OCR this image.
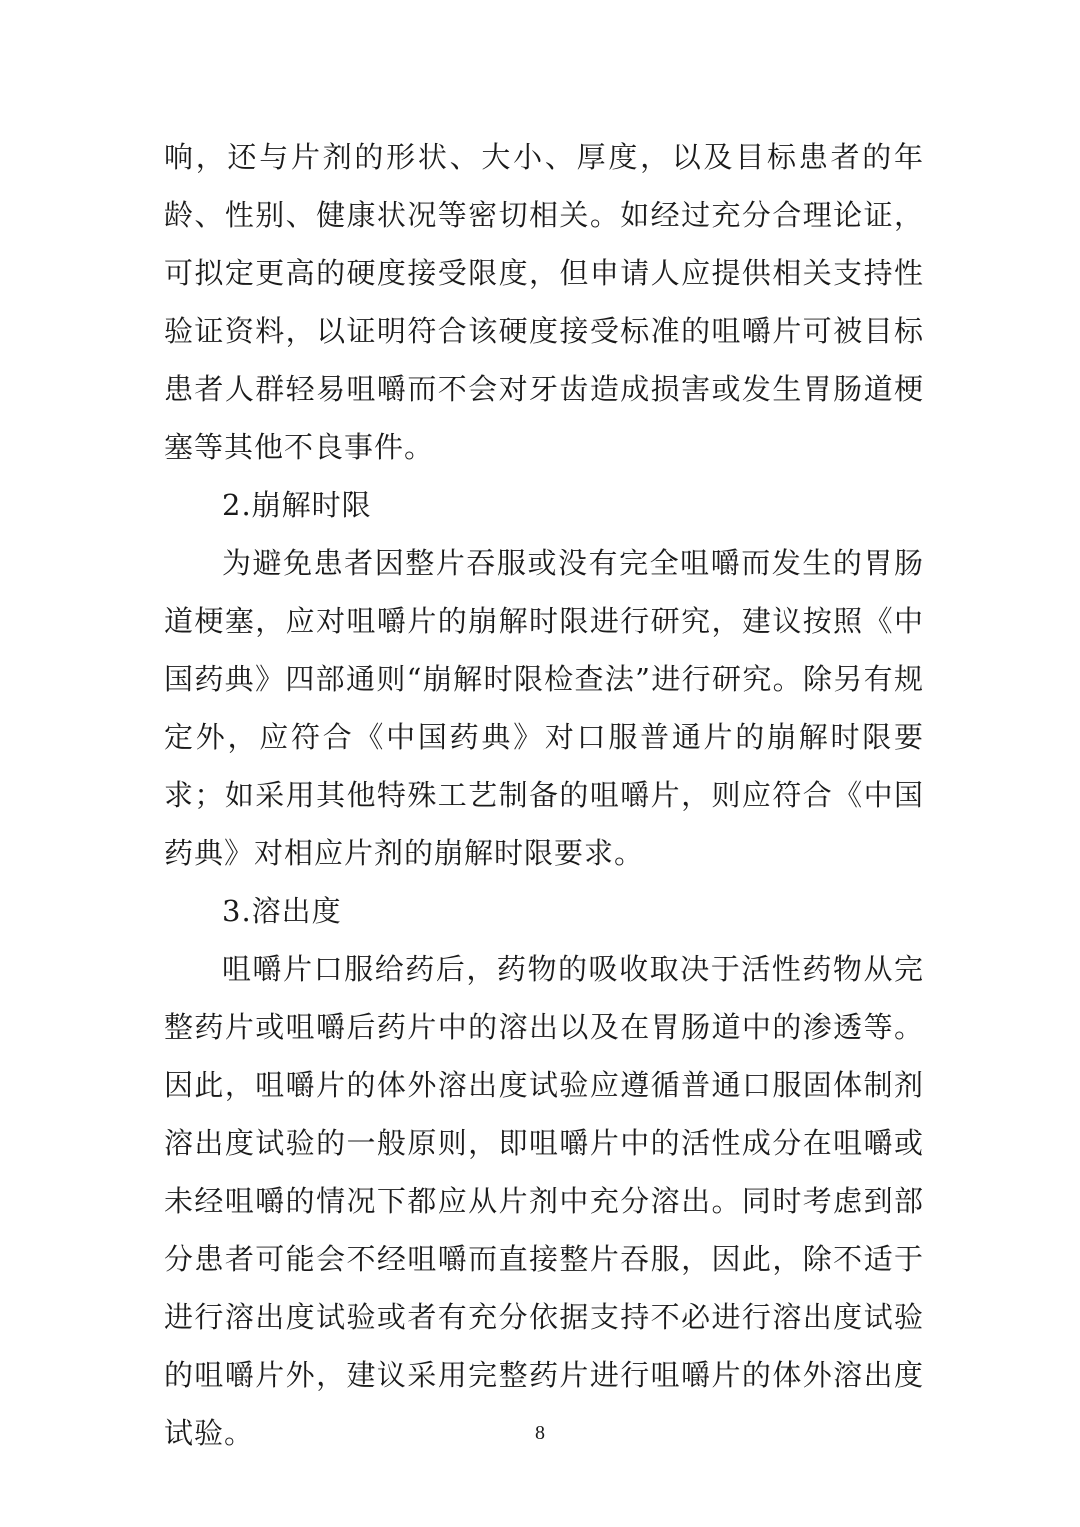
响，还与片剂的形状、大小、厚度，以及目标患者的年龄、性别、健康状况等密切相关。如经过充分合理论证，可拟定更高的硬度接受限度，但申请人应提供相关支持性验证资料，以证明符合该硬度接受标准的咀嚼片可被目标患者人群轻易咀嚼而不会对牙齿造成损害或发生胃肠道梗塞等其他不良事件。

2.崩解时限

为避免患者因整片吞服或没有完全咀嚼而发生的胃肠道梗塞，应对咀嚼片的崩解时限进行研究，建议按照《中国药典》四部通则“崩解时限检查法”进行研究。除另有规定外，应符合《中国药典》对口服普通片的崩解时限要求；如采用其他特殊工艺制备的咀嚼片，则应符合《中国药典》对相应片剂的崩解时限要求。

3.溶出度

咀嚼片口服给药后，药物的吸收取决于活性药物从完整药片或咀嚼后药片中的溶出以及在胃肠道中的渗透等。因此，咀嚼片的体外溶出度试验应遵循普通口服固体制剂溶出度试验的一般原则，即咀嚼片中的活性成分在咀嚼或未经咀嚼的情况下都应从片剂中充分溶出。同时考虑到部分患者可能会不经咀嚼而直接整片吞服，因此，除不适于进行溶出度试验或者有充分依据支持不必进行溶出度试验的咀嚼片外，建议采用完整药片进行咀嚼片的体外溶出度试验。	8
